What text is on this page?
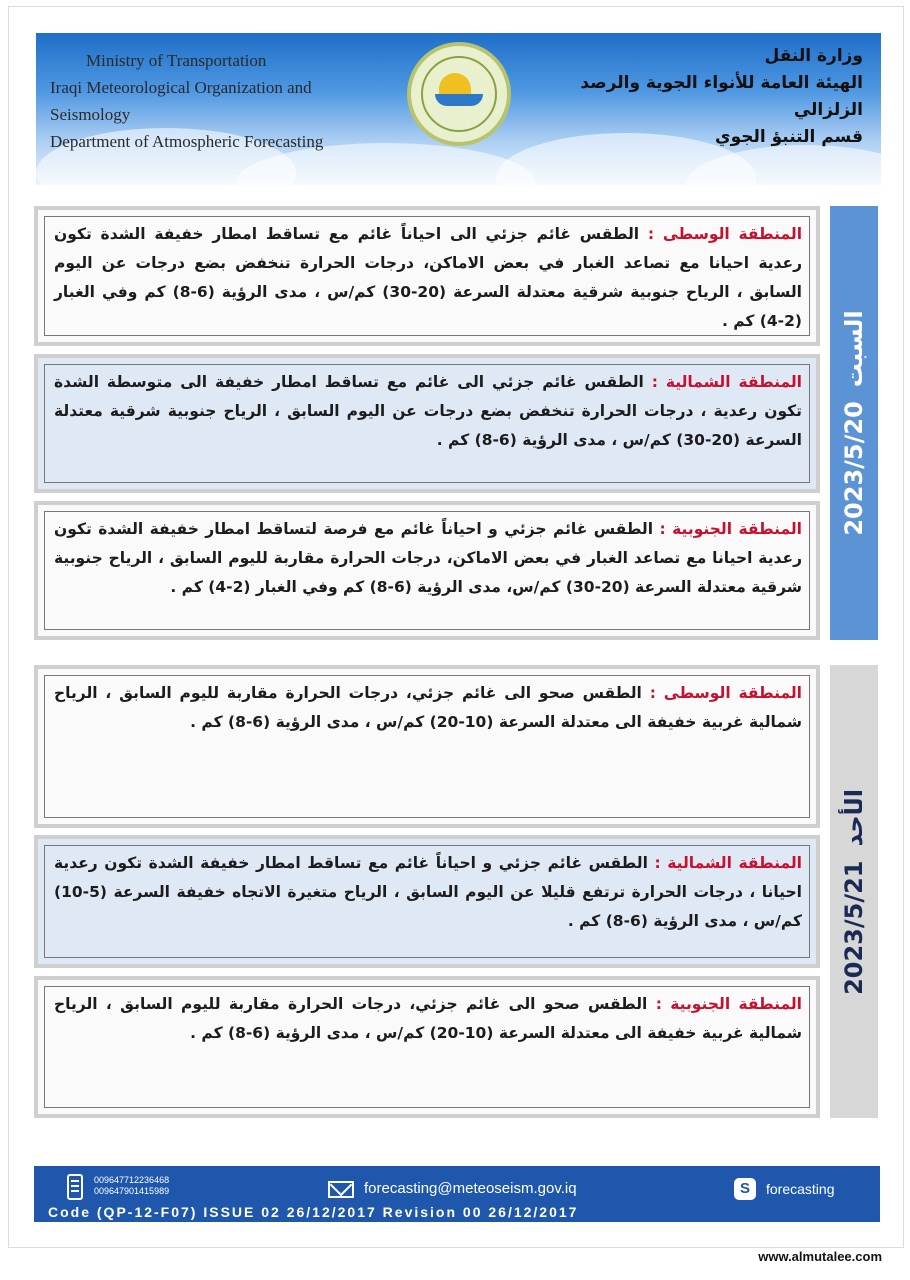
Ministry of Transportation
Iraqi Meteorological Organization and Seismology
Department of Atmospheric Forecasting
وزارة النقل
الهيئة العامة للأنواء الجوية والرصد الزلزالي
قسم التنبؤ الجوي
2023/5/20السبت
المنطقة الوسطى : الطقس غائم جزئي الى احياناً غائم مع تساقط امطار خفيفة الشدة تكون رعدية احيانا مع تصاعد الغبار في بعض الاماكن، درجات الحرارة تنخفض بضع درجات عن اليوم السابق ، الرياح جنوبية شرقية معتدلة السرعة (20-30) كم/س ، مدى الرؤية (6-8) كم وفي الغبار (2-4) كم .
المنطقة الشمالية : الطقس غائم جزئي الى غائم مع تساقط امطار خفيفة الى متوسطة الشدة تكون رعدية ، درجات الحرارة تنخفض بضع درجات عن اليوم السابق ، الرياح جنوبية شرقية معتدلة السرعة (20-30) كم/س ، مدى الرؤية (6-8) كم .
المنطقة الجنوبية : الطقس غائم جزئي و احياناً غائم مع فرصة لتساقط امطار خفيفة الشدة تكون رعدية احيانا مع تصاعد الغبار في بعض الاماكن، درجات الحرارة مقاربة لليوم السابق ، الرياح جنوبية شرقية معتدلة السرعة (20-30) كم/س، مدى الرؤية (6-8) كم وفي الغبار (2-4) كم .
2023/5/21الأحد
المنطقة الوسطى : الطقس صحو الى غائم جزئي، درجات الحرارة مقاربة لليوم السابق ، الرياح شمالية غربية خفيفة الى معتدلة السرعة (10-20) كم/س ، مدى الرؤية (6-8) كم .
المنطقة الشمالية : الطقس غائم جزئي و احياناً غائم مع تساقط امطار خفيفة الشدة تكون رعدية احيانا ، درجات الحرارة ترتفع قليلا عن اليوم السابق ، الرياح متغيرة الاتجاه خفيفة السرعة (5-10) كم/س ، مدى الرؤية (6-8) كم .
المنطقة الجنوبية : الطقس صحو الى غائم جزئي، درجات الحرارة مقاربة لليوم السابق ، الرياح شمالية غربية خفيفة الى معتدلة السرعة (10-20) كم/س ، مدى الرؤية (6-8) كم .
009647712236468
009647901415989	forecasting@meteoseism.gov.iq	S	forecasting
Code (QP-12-F07) ISSUE 02 26/12/2017 Revision 00 26/12/2017
www.almutalee.com
